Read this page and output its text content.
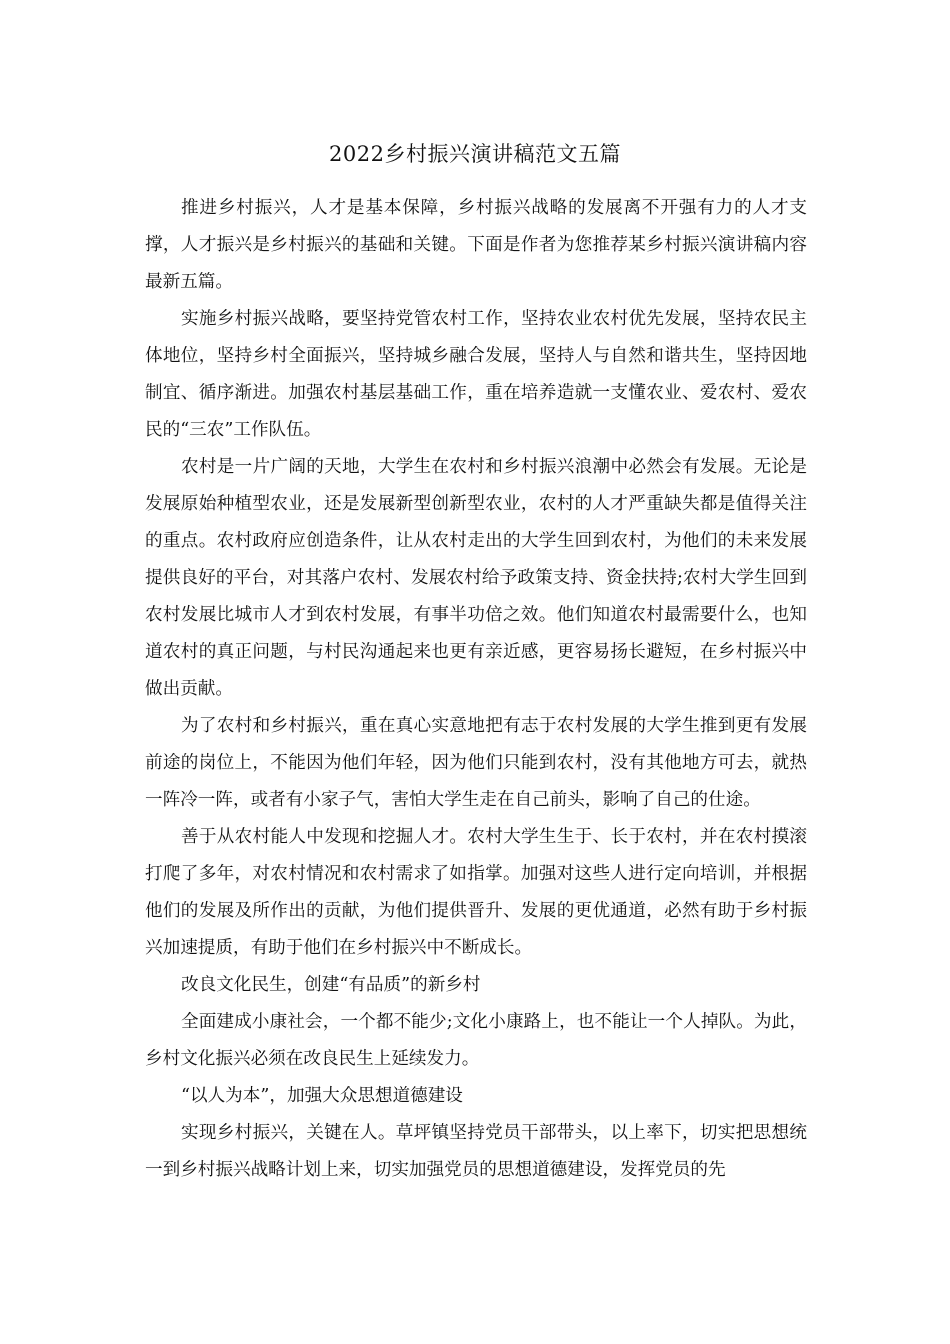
2022乡村振兴演讲稿范文五篇

推进乡村振兴，人才是基本保障，乡村振兴战略的发展离不开强有力的人才支撑，人才振兴是乡村振兴的基础和关键。下面是作者为您推荐某乡村振兴演讲稿内容最新五篇。

实施乡村振兴战略，要坚持党管农村工作，坚持农业农村优先发展，坚持农民主体地位，坚持乡村全面振兴，坚持城乡融合发展，坚持人与自然和谐共生，坚持因地制宜、循序渐进。加强农村基层基础工作，重在培养造就一支懂农业、爱农村、爱农民的“三农”工作队伍。

农村是一片广阔的天地，大学生在农村和乡村振兴浪潮中必然会有发展。无论是发展原始种植型农业，还是发展新型创新型农业，农村的人才严重缺失都是值得关注的重点。农村政府应创造条件，让从农村走出的大学生回到农村，为他们的未来发展提供良好的平台，对其落户农村、发展农村给予政策支持、资金扶持;农村大学生回到农村发展比城市人才到农村发展，有事半功倍之效。他们知道农村最需要什么，也知道农村的真正问题，与村民沟通起来也更有亲近感，更容易扬长避短，在乡村振兴中做出贡献。

为了农村和乡村振兴，重在真心实意地把有志于农村发展的大学生推到更有发展前途的岗位上，不能因为他们年轻，因为他们只能到农村，没有其他地方可去，就热一阵冷一阵，或者有小家子气，害怕大学生走在自己前头，影响了自己的仕途。

善于从农村能人中发现和挖掘人才。农村大学生生于、长于农村，并在农村摸滚打爬了多年，对农村情况和农村需求了如指掌。加强对这些人进行定向培训，并根据他们的发展及所作出的贡献，为他们提供晋升、发展的更优通道，必然有助于乡村振兴加速提质，有助于他们在乡村振兴中不断成长。

改良文化民生，创建“有品质”的新乡村

全面建成小康社会，一个都不能少;文化小康路上，也不能让一个人掉队。为此，乡村文化振兴必须在改良民生上延续发力。

“以人为本”，加强大众思想道德建设

实现乡村振兴，关键在人。草坪镇坚持党员干部带头，以上率下，切实把思想统一到乡村振兴战略计划上来，切实加强党员的思想道德建设，发挥党员的先
